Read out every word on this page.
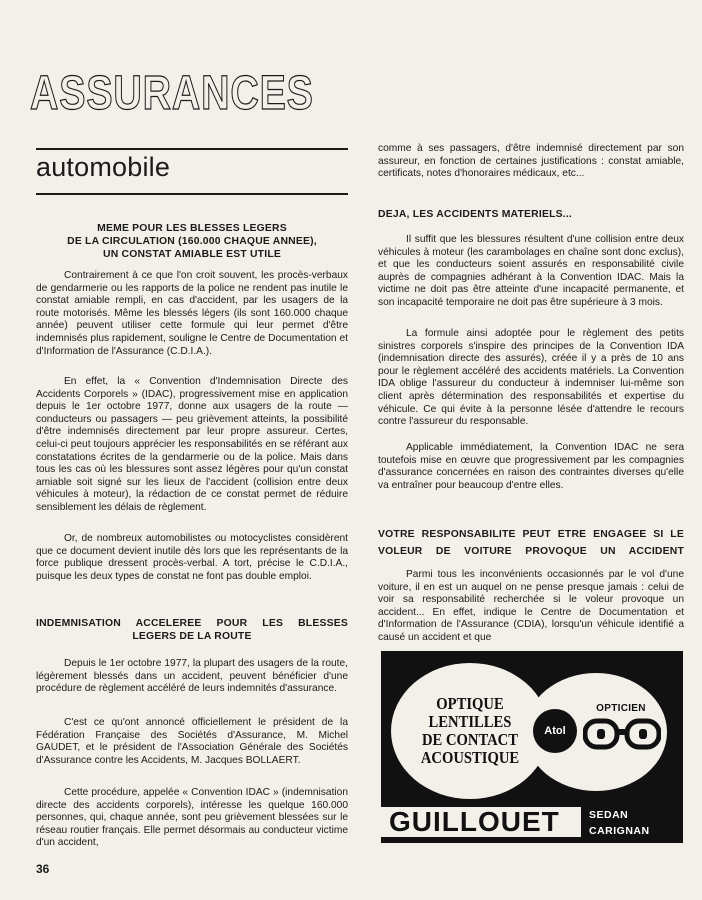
ASSURANCES
automobile

MEME POUR LES BLESSES LEGERS

DE LA CIRCULATION (160.000 CHAQUE ANNEE),

UN CONSTAT AMIABLE EST UTILE

Contrairement à ce que l'on croit souvent, les procès-verbaux de gendarmerie ou les rapports de la police ne rendent pas inutile le constat amiable rempli, en cas d'accident, par les usagers de la route motorisés. Même les blessés légers (ils sont 160.000 chaque année) peuvent utiliser cette formule qui leur permet d'être indemnisés plus rapidement, souligne le Centre de Documentation et d'Information de l'Assurance (C.D.I.A.).

En effet, la « Convention d'Indemnisation Directe des Accidents Corporels » (IDAC), progressivement mise en application depuis le 1er octobre 1977, donne aux usagers de la route — conducteurs ou passagers — peu grièvement atteints, la possibilité d'être indemnisés directement par leur propre assureur. Certes, celui-ci peut toujours apprécier les responsabilités en se référant aux constatations écrites de la gendarmerie ou de la police. Mais dans tous les cas où les blessures sont assez légères pour qu'un constat amiable soit signé sur les lieux de l'accident (collision entre deux véhicules à moteur), la rédaction de ce constat permet de réduire sensiblement les délais de règlement.

Or, de nombreux automobilistes ou motocyclistes considèrent que ce document devient inutile dès lors que les représentants de la force publique dressent procès-verbal. A tort, précise le C.D.I.A., puisque les deux types de constat ne font pas double emploi.

INDEMNISATION ACCELEREE POUR LES BLESSES

LEGERS DE LA ROUTE

Depuis le 1er octobre 1977, la plupart des usagers de la route, légèrement blessés dans un accident, peuvent bénéficier d'une procédure de règlement accéléré de leurs indemnités d'assurance.

C'est ce qu'ont annoncé officiellement le président de la Fédération Française des Sociétés d'Assurance, M. Michel GAUDET, et le président de l'Association Générale des Sociétés d'Assurance contre les Accidents, M. Jacques BOLLAERT.

Cette procédure, appelée « Convention IDAC » (indemnisation directe des accidents corporels), intéresse les quelque 160.000 personnes, qui, chaque année, sont peu grièvement blessées sur le réseau routier français. Elle permet désormais au conducteur victime d'un accident,

comme à ses passagers, d'être indemnisé directement par son assureur, en fonction de certaines justifications : constat amiable, certificats, notes d'honoraires médicaux, etc...

DEJA, LES ACCIDENTS MATERIELS...

Il suffit que les blessures résultent d'une collision entre deux véhicules à moteur (les carambolages en chaîne sont donc exclus), et que les conducteurs soient assurés en responsabilité civile auprès de compagnies adhérant à la Convention IDAC. Mais la victime ne doit pas être atteinte d'une incapacité permanente, et son incapacité temporaire ne doit pas être supérieure à 3 mois.

La formule ainsi adoptée pour le règlement des petits sinistres corporels s'inspire des principes de la Convention IDA (indemnisation directe des assurés), créée il y a près de 10 ans pour le règlement accéléré des accidents matériels. La Convention IDA oblige l'assureur du conducteur à indemniser lui-même son client après détermination des responsabilités et expertise du véhicule. Ce qui évite à la personne lésée d'attendre le recours contre l'assureur du responsable.

Applicable immédiatement, la Convention IDAC ne sera toutefois mise en œuvre que progressivement par les compagnies d'assurance concernées en raison des contraintes diverses qu'elle va entraîner pour beaucoup d'entre elles.

VOTRE RESPONSABILITE PEUT ETRE ENGAGEE SI LE

VOLEUR DE VOITURE PROVOQUE UN ACCIDENT

Parmi tous les inconvénients occasionnés par le vol d'une voiture, il en est un auquel on ne pense presque jamais : celui de voir sa responsabilité recherchée si le voleur provoque un accident... En effet, indique le Centre de Documentation et d'Information de l'Assurance (CDIA), lorsqu'un véhicule identifié a causé un accident et que

OPTIQUE
LENTILLES
DE CONTACT
ACOUSTIQUE
Atol
OPTICIEN
GUILLOUET	SEDAN
CARIGNAN
36
